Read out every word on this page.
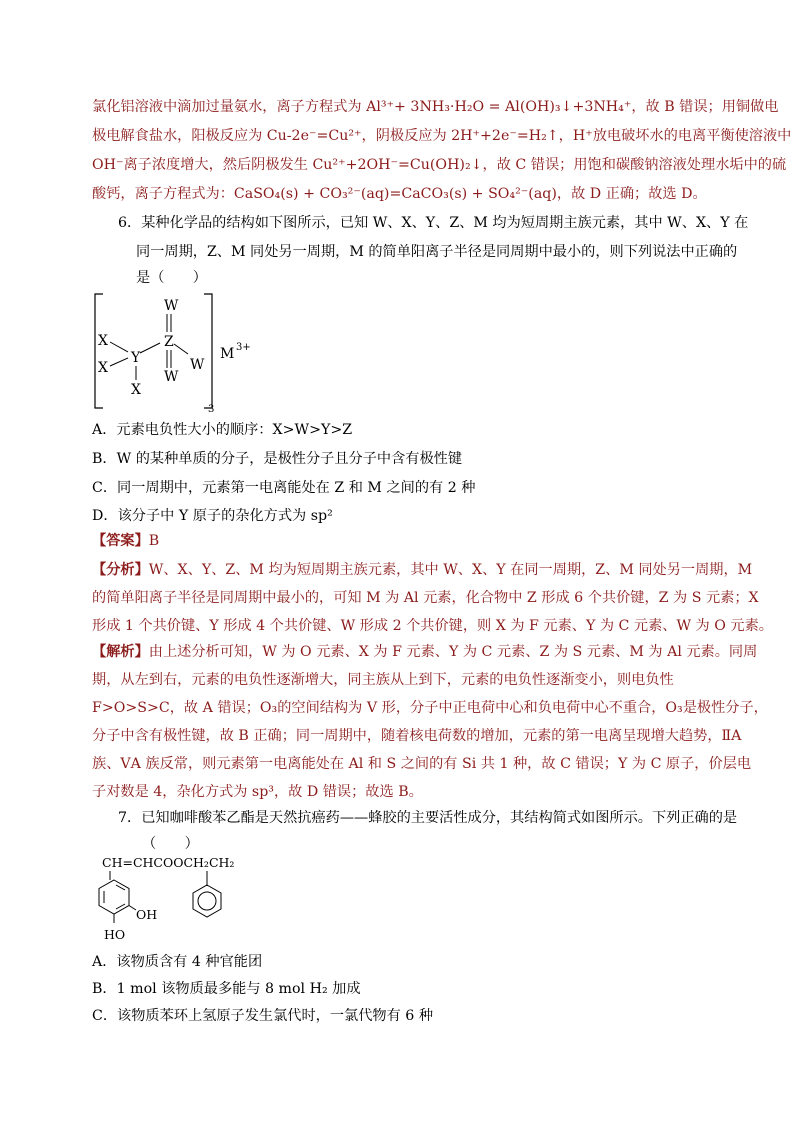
氯化铝溶液中滴加过量氨水，离子方程式为 Al³⁺+ 3NH₃·H₂O = Al(OH)₃↓+3NH₄⁺，故 B 错误；用铜做电
极电解食盐水，阳极反应为 Cu-2e⁻=Cu²⁺，阴极反应为 2H⁺+2e⁻=H₂↑，H⁺放电破坏水的电离平衡使溶液中
OH⁻离子浓度增大，然后阴极发生 Cu²⁺+2OH⁻=Cu(OH)₂↓，故 C 错误；用饱和碳酸钠溶液处理水垢中的硫
酸钙，离子方程式为：CaSO₄(s) + CO₃²⁻(aq)=CaCO₃(s) + SO₄²⁻(aq)，故 D 正确；故选 D。
6．某种化学品的结构如下图所示，已知 W、X、Y、Z、M 均为短周期主族元素，其中 W、X、Y 在
同一周期，Z、M 同处另一周期，M 的简单阳离子半径是同周期中最小的，则下列说法中正确的
是（　　）
W
Z
W
W
Y
X
X
X
3
M 3+
A．元素电负性大小的顺序：X>W>Y>Z
B．W 的某种单质的分子，是极性分子且分子中含有极性键
C．同一周期中，元素第一电离能处在 Z 和 M 之间的有 2 种
D．该分子中 Y 原子的杂化方式为 sp²
【答案】B
【分析】W、X、Y、Z、M 均为短周期主族元素，其中 W、X、Y 在同一周期，Z、M 同处另一周期，M
的简单阳离子半径是同周期中最小的，可知 M 为 Al 元素，化合物中 Z 形成 6 个共价键，Z 为 S 元素；X
形成 1 个共价键、Y 形成 4 个共价键、W 形成 2 个共价键，则 X 为 F 元素、Y 为 C 元素、W 为 O 元素。
【解析】由上述分析可知，W 为 O 元素、X 为 F 元素、Y 为 C 元素、Z 为 S 元素、M 为 Al 元素。同周
期，从左到右，元素的电负性逐渐增大，同主族从上到下，元素的电负性逐渐变小，则电负性
F>O>S>C，故 A 错误；O₃的空间结构为 V 形，分子中正电荷中心和负电荷中心不重合，O₃是极性分子，
分子中含有极性键，故 B 正确；同一周期中，随着核电荷数的增加，元素的第一电离呈现增大趋势，ⅡA
族、ⅤA 族反常，则元素第一电离能处在 Al 和 S 之间的有 Si 共 1 种，故 C 错误；Y 为 C 原子，价层电
子对数是 4，杂化方式为 sp³，故 D 错误；故选 B。
7．已知咖啡酸苯乙酯是天然抗癌药——蜂胶的主要活性成分，其结构简式如图所示。下列正确的是
（　　）
CH=CHCOOCH₂CH₂
OH
HO
A．该物质含有 4 种官能团
B．1 mol 该物质最多能与 8 mol H₂ 加成
C．该物质苯环上氢原子发生氯代时，一氯代物有 6 种
